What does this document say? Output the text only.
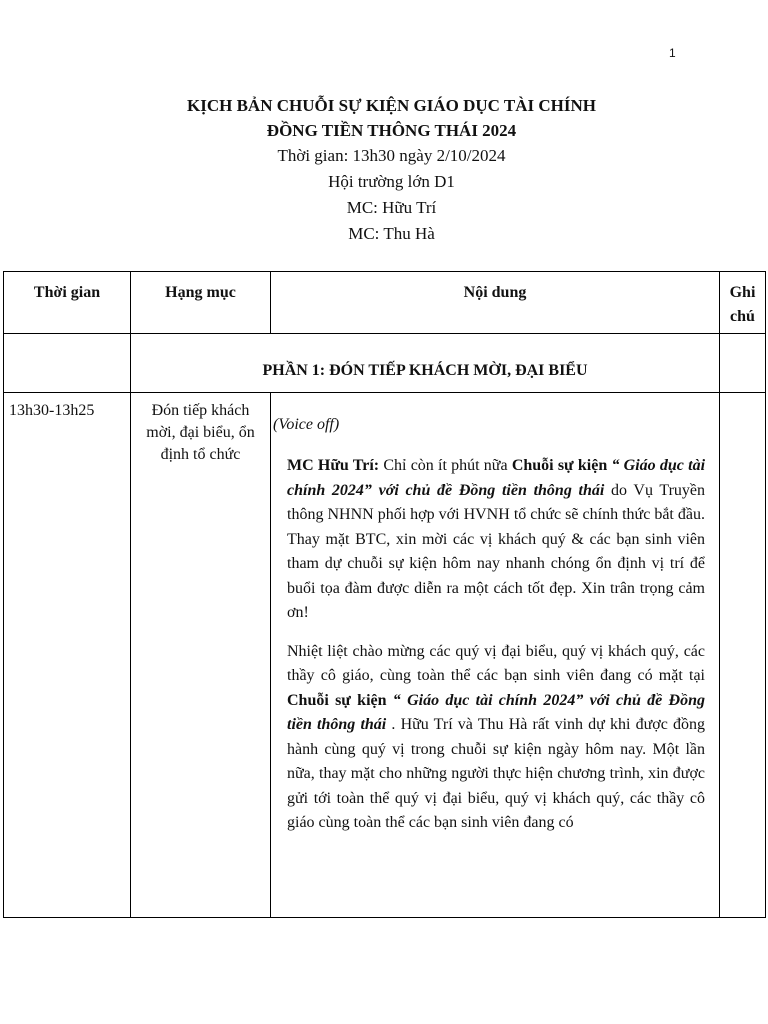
1
KỊCH BẢN CHUỖI SỰ KIỆN GIÁO DỤC TÀI CHÍNH
ĐỒNG TIỀN THÔNG THÁI 2024
Thời gian: 13h30 ngày 2/10/2024
Hội trường lớn D1
MC: Hữu Trí
MC: Thu Hà
Thời gian	Hạng mục	Nội dung	Ghi chú
	PHẦN 1: ĐÓN TIẾP KHÁCH MỜI, ĐẠI BIỂU		
13h30-13h25	Đón tiếp khách mời, đại biểu, ổn định tổ chức	(Voice off)

MC Hữu Trí: Chỉ còn ít phút nữa Chuỗi sự kiện “ Giáo dục tài chính 2024” với chủ đề Đồng tiền thông thái do Vụ Truyền thông NHNN phối hợp với HVNH tổ chức sẽ chính thức bắt đầu. Thay mặt BTC, xin mời các vị khách quý & các bạn sinh viên tham dự chuỗi sự kiện hôm nay nhanh chóng ổn định vị trí để buổi tọa đàm được diễn ra một cách tốt đẹp. Xin trân trọng cảm ơn!

Nhiệt liệt chào mừng các quý vị đại biểu, quý vị khách quý, các thầy cô giáo, cùng toàn thể các bạn sinh viên đang có mặt tại Chuỗi sự kiện “ Giáo dục tài chính 2024” với chủ đề Đồng tiền thông thái . Hữu Trí và Thu Hà rất vinh dự khi được đồng hành cùng quý vị trong chuỗi sự kiện ngày hôm nay. Một lần nữa, thay mặt cho những người thực hiện chương trình, xin được gửi tới toàn thể quý vị đại biểu, quý vị khách quý, các thầy cô giáo cùng toàn thể các bạn sinh viên đang có	
